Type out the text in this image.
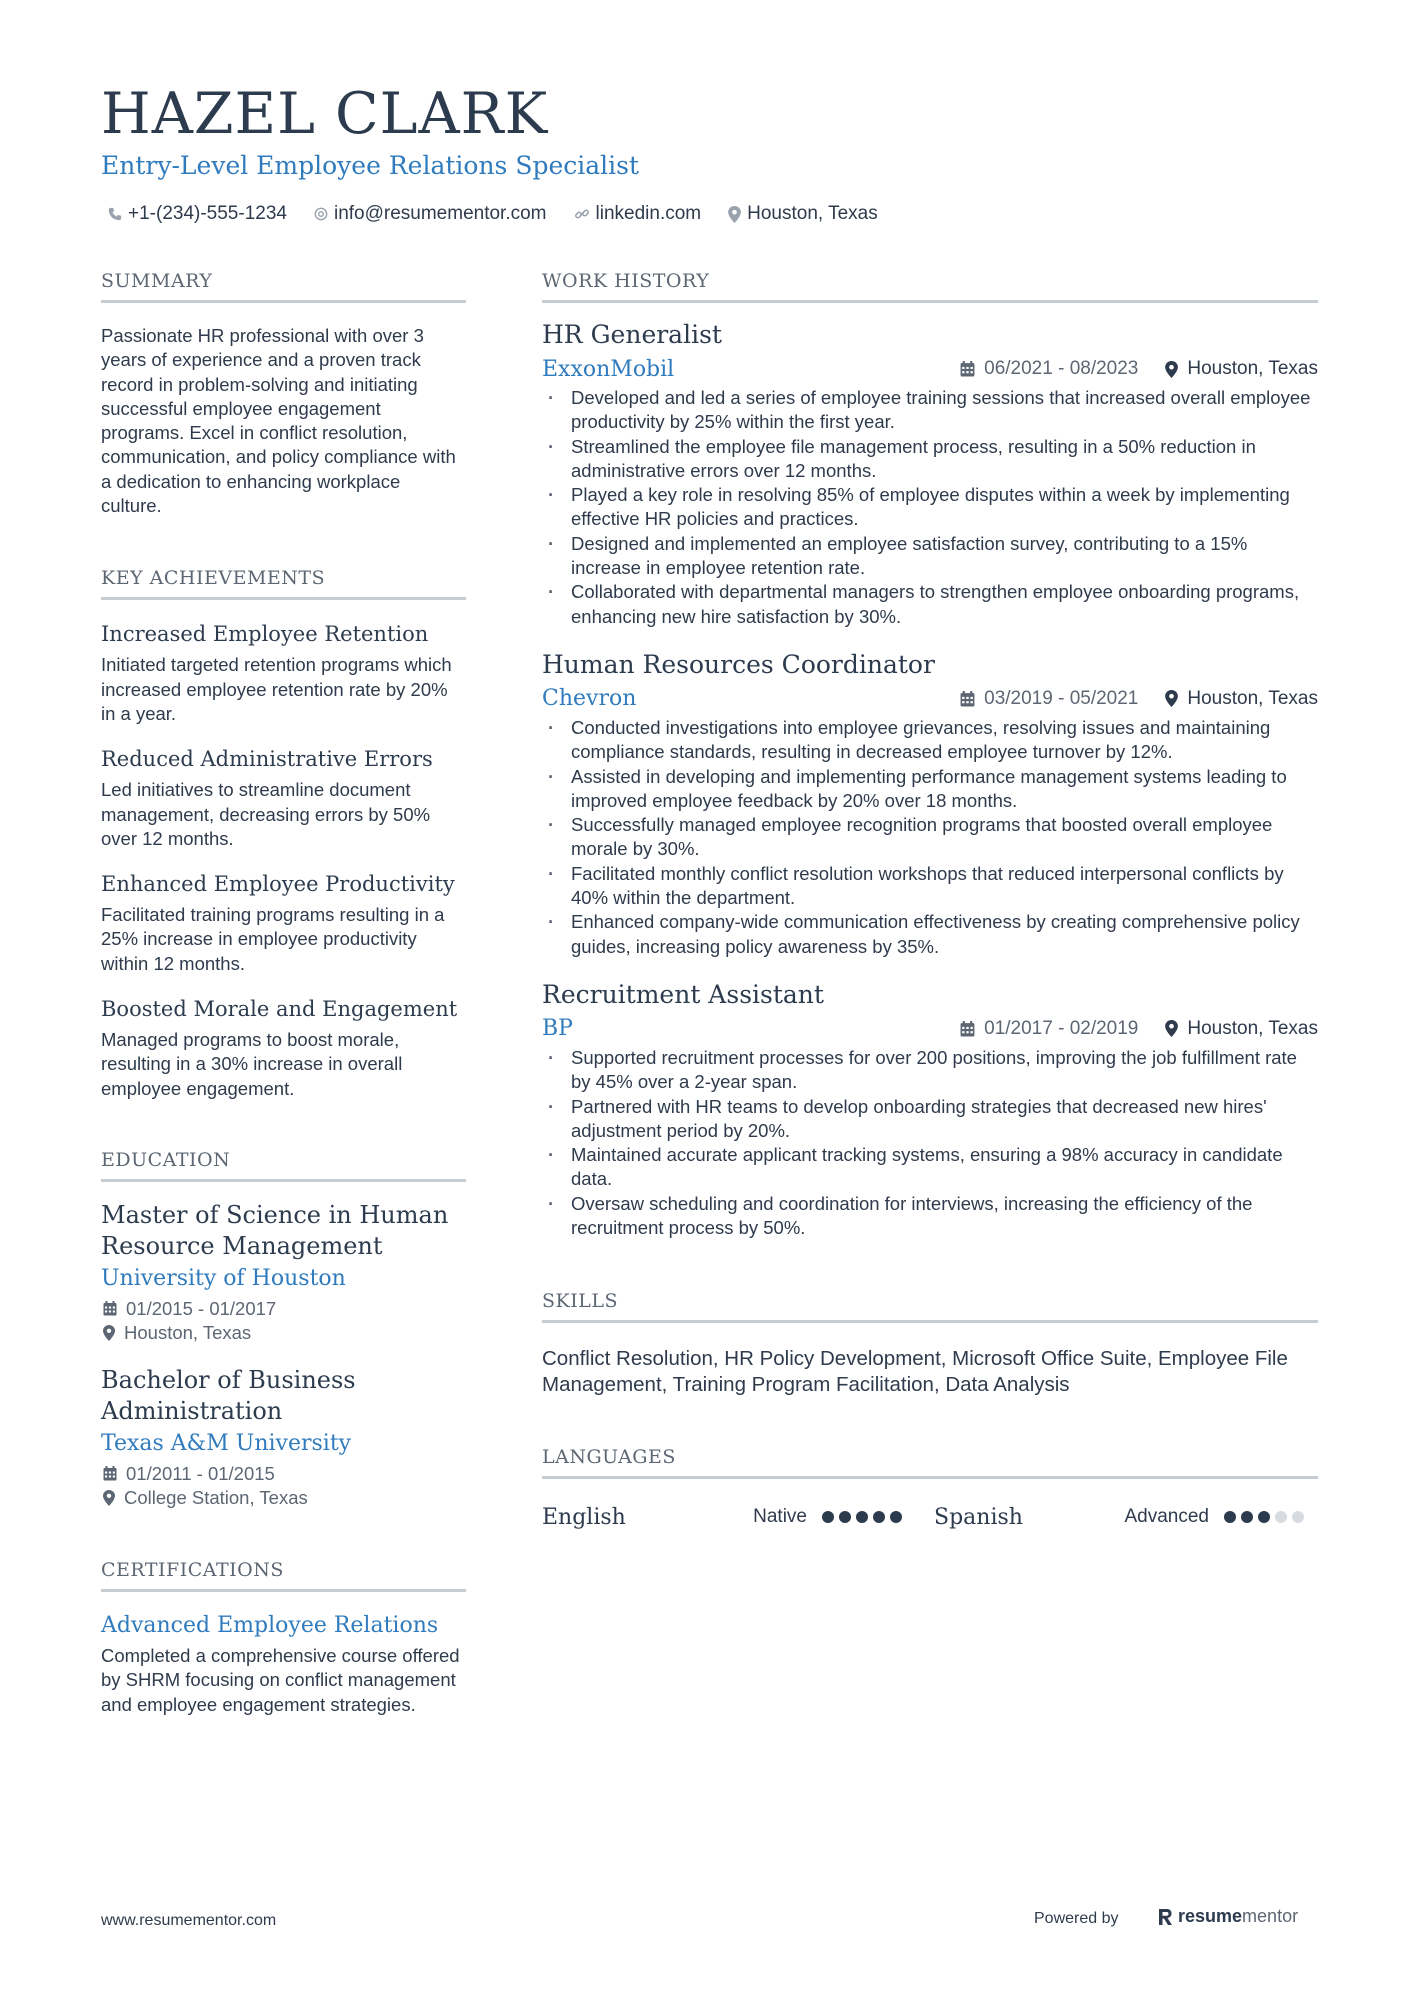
HAZEL CLARK
Entry-Level Employee Relations Specialist
+1-(234)-555-1234 info@resumementor.com	linkedin.com Houston, Texas
SUMMARY

Passionate HR professional with over 3 years of experience and a proven track record in problem-solving and initiating successful employee engagement programs. Excel in conflict resolution, communication, and policy compliance with a dedication to enhancing workplace culture.

KEY ACHIEVEMENTS
Increased Employee Retention

Initiated targeted retention programs which increased employee retention rate by 20% in a year.

Reduced Administrative Errors

Led initiatives to streamline document management, decreasing errors by 50% over 12 months.

Enhanced Employee Productivity

Facilitated training programs resulting in a 25% increase in employee productivity within 12 months.

Boosted Morale and Engagement

Managed programs to boost morale, resulting in a 30% increase in overall employee engagement.

EDUCATION
Master of Science in Human Resource Management
University of Houston
01/2015 - 01/2017
Houston, Texas
Bachelor of Business Administration
Texas A&M University
01/2011 - 01/2015
College Station, Texas
CERTIFICATIONS
Advanced Employee Relations

Completed a comprehensive course offered by SHRM focusing on conflict management and employee engagement strategies.

WORK HISTORY
HR Generalist
ExxonMobil	06/2021 - 08/2023	Houston, Texas
· Developed and led a series of employee training sessions that increased overall employee productivity by 25% within the first year.
· Streamlined the employee file management process, resulting in a 50% reduction in administrative errors over 12 months.
· Played a key role in resolving 85% of employee disputes within a week by implementing effective HR policies and practices.
· Designed and implemented an employee satisfaction survey, contributing to a 15% increase in employee retention rate.
· Collaborated with departmental managers to strengthen employee onboarding programs, enhancing new hire satisfaction by 30%.
Human Resources Coordinator
Chevron	03/2019 - 05/2021	Houston, Texas
· Conducted investigations into employee grievances, resolving issues and maintaining compliance standards, resulting in decreased employee turnover by 12%.
· Assisted in developing and implementing performance management systems leading to improved employee feedback by 20% over 18 months.
· Successfully managed employee recognition programs that boosted overall employee morale by 30%.
· Facilitated monthly conflict resolution workshops that reduced interpersonal conflicts by 40% within the department.
· Enhanced company-wide communication effectiveness by creating comprehensive policy guides, increasing policy awareness by 35%.
Recruitment Assistant
BP	01/2017 - 02/2019	Houston, Texas
· Supported recruitment processes for over 200 positions, improving the job fulfillment rate by 45% over a 2-year span.
· Partnered with HR teams to develop onboarding strategies that decreased new hires' adjustment period by 20%.
· Maintained accurate applicant tracking systems, ensuring a 98% accuracy in candidate data.
· Oversaw scheduling and coordination for interviews, increasing the efficiency of the recruitment process by 50%.
SKILLS

Conflict Resolution, HR Policy Development, Microsoft Office Suite, Employee File Management, Training Program Facilitation, Data Analysis

LANGUAGES
English	Native	Spanish	Advanced
www.resumementor.com	Powered by	resume mentor
